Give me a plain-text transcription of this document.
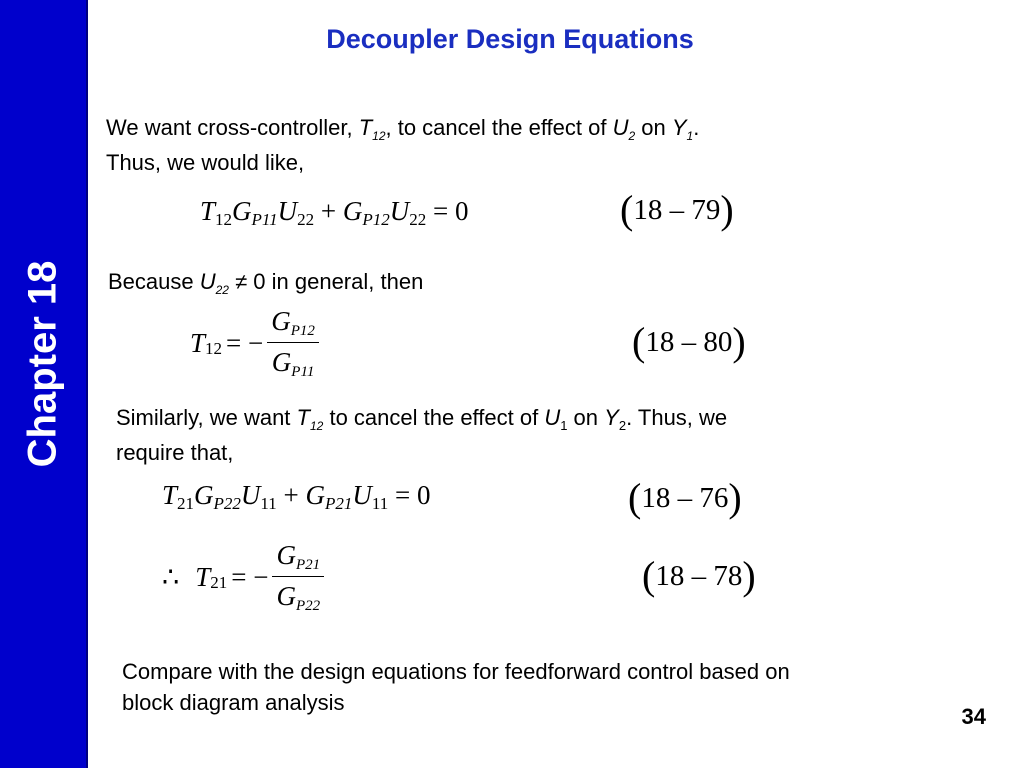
Chapter 18
Decoupler Design Equations
We want cross-controller, $T_{12}$, to cancel the effect of $U_2$ on $Y_1$.
Thus, we would like,
T12GP11U22 + GP12U22 = 0	( 18 – 79 )
Because $U_{22} \ne 0$ in general, then
T 12 = − $\frac{GP12}{GP11}$	( 18 – 80 )
Similarly, we want $T_{12}$ to cancel the effect of $U_1$ on $Y_2$. Thus, we
require that,
T21GP22U11 + GP21U11 = 0	( 18 – 76 )
∴ T 21 = − $\frac{GP21}{GP22}$	( 18 – 78 )
Compare with the design equations for feedforward control based on
block diagram analysis
34
